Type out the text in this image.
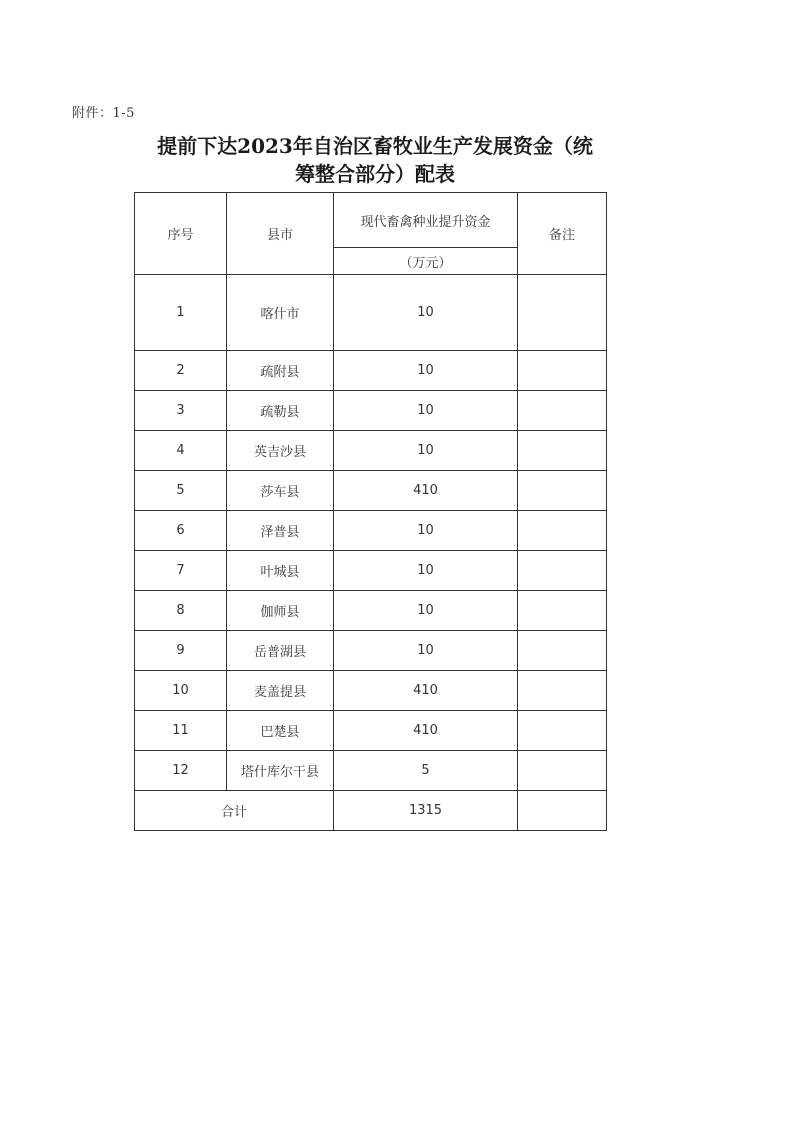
附件：1-5
提前下达2023年自治区畜牧业生产发展资金（统
筹整合部分）配表
序号	县市	现代畜禽种业提升资金	备注
		（万元）	
1	喀什市	10	
2	疏附县	10	
3	疏勒县	10	
4	英吉沙县	10	
5	莎车县	410	
6	泽普县	10	
7	叶城县	10	
8	伽师县	10	
9	岳普湖县	10	
10	麦盖提县	410	
11	巴楚县	410	
12	塔什库尔干县	5	
合计		1315	
